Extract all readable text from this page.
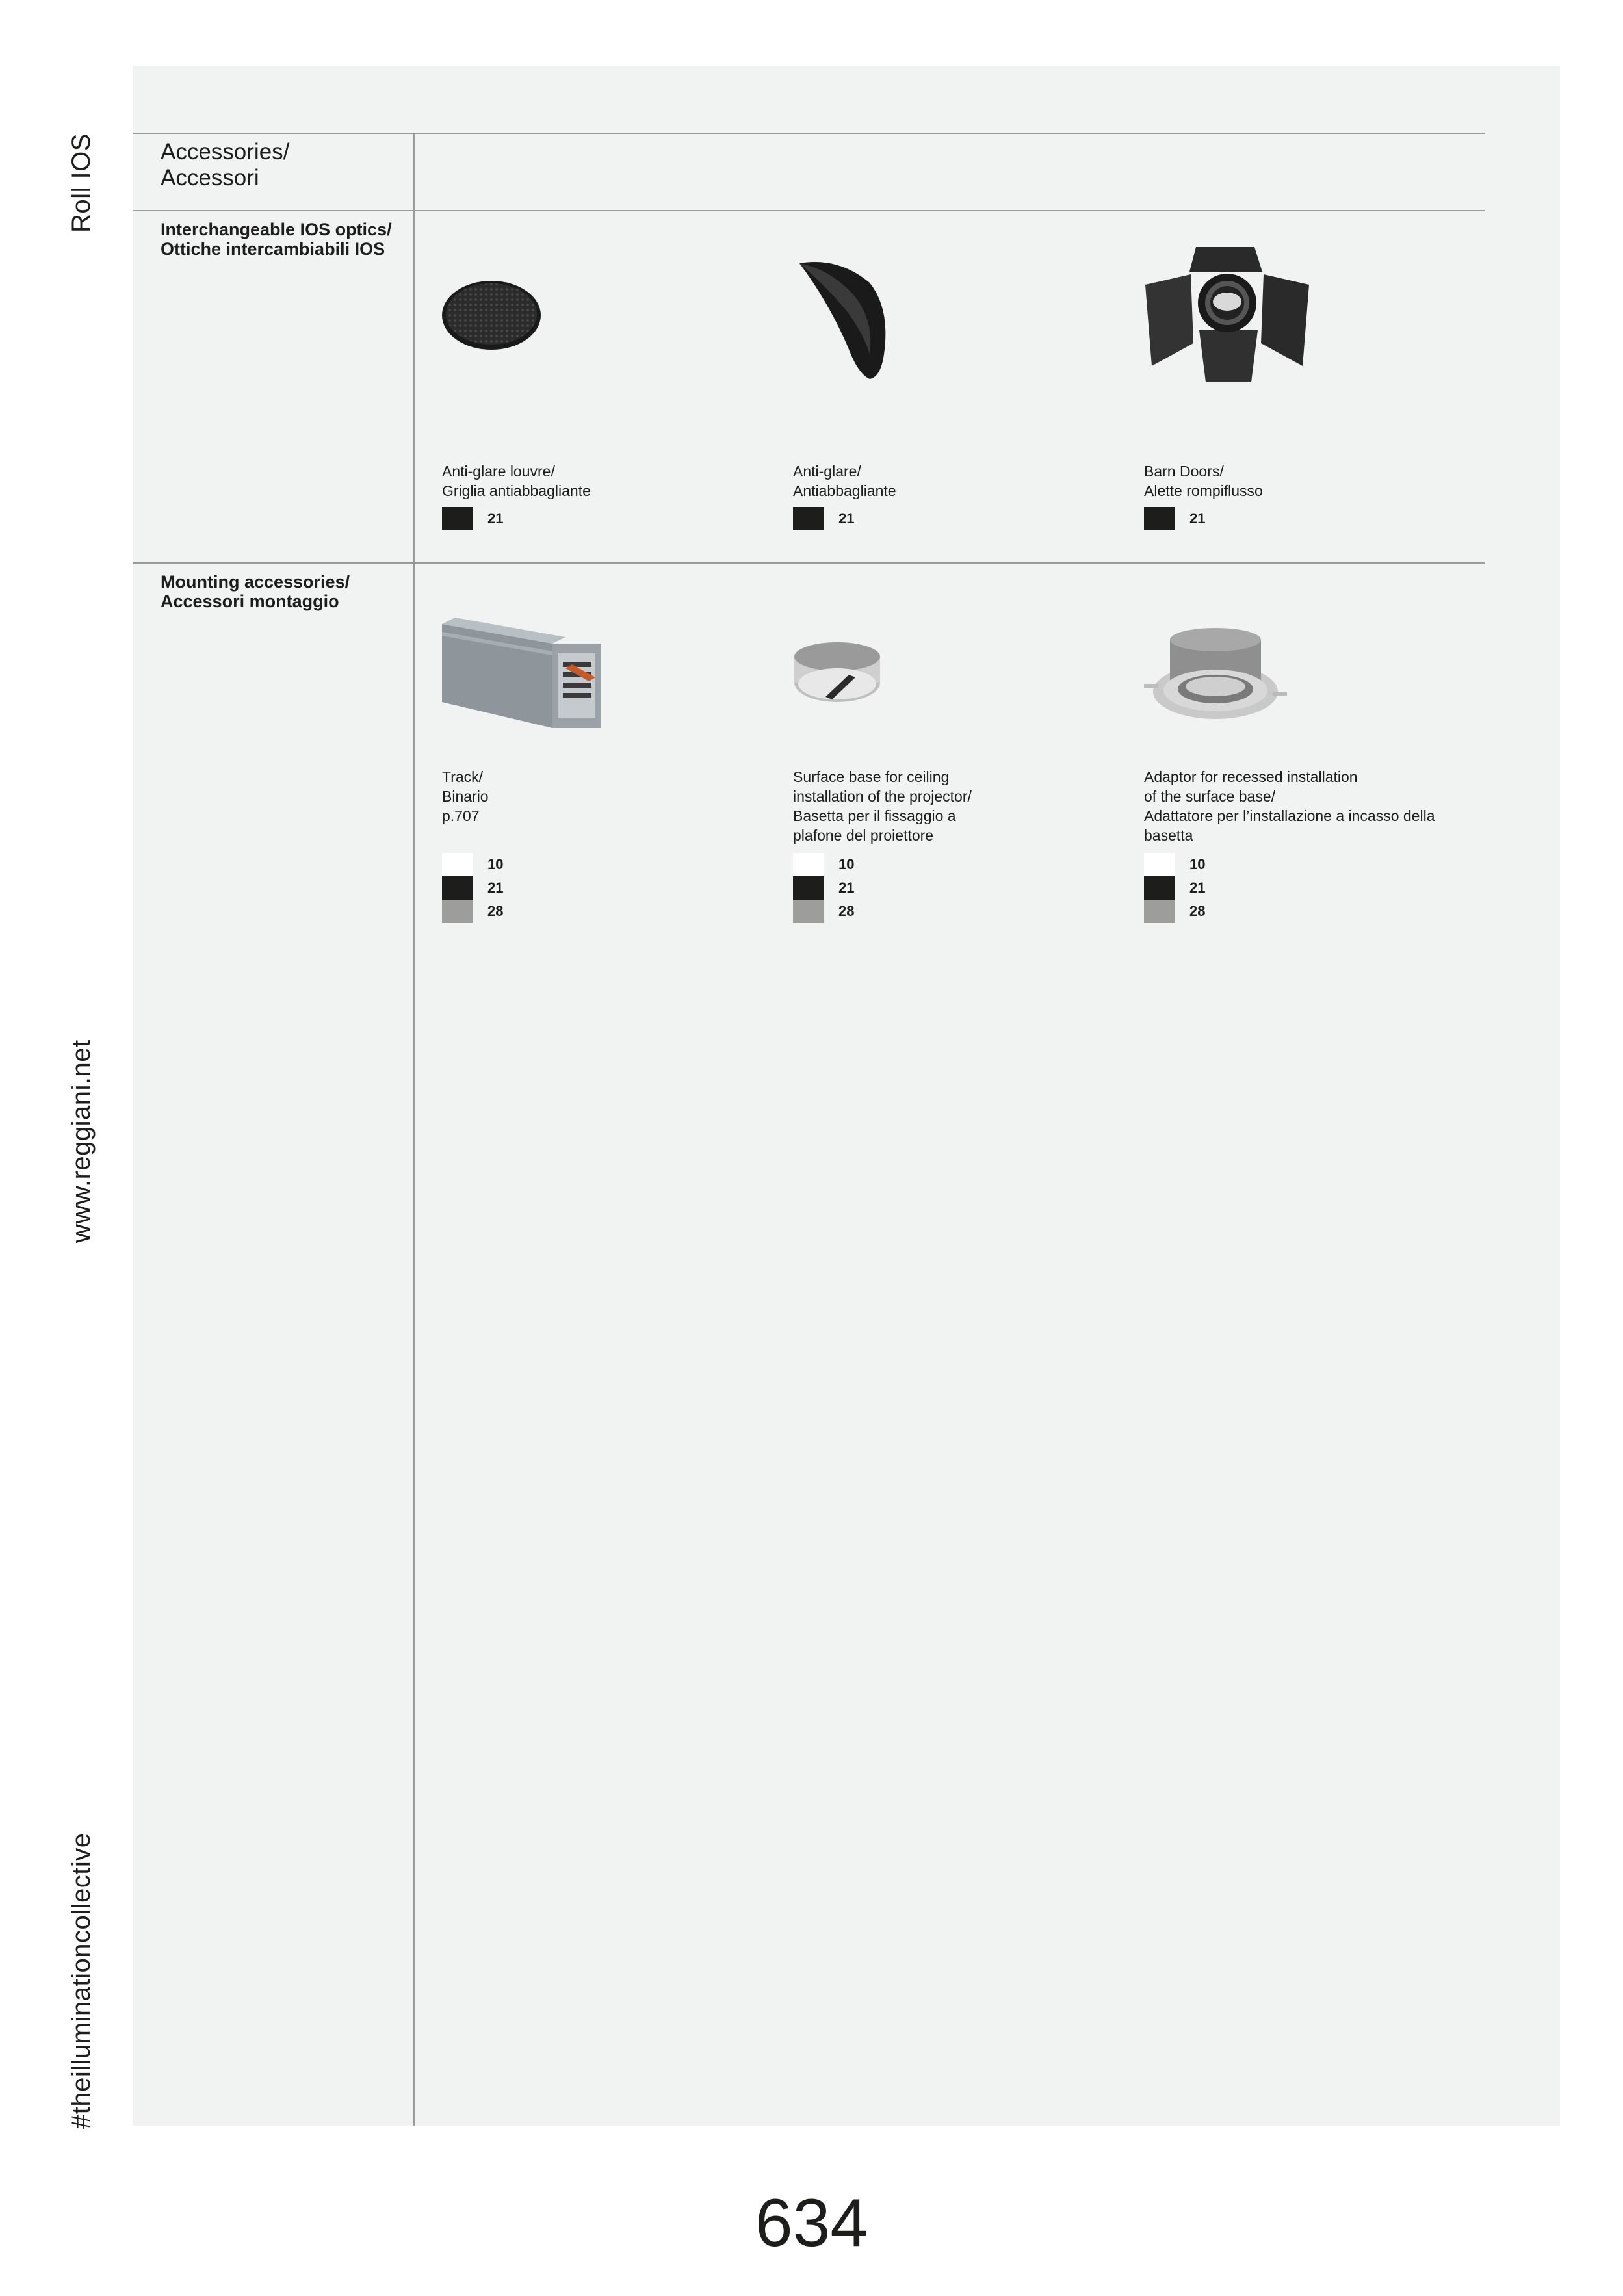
Roll IOS
www.reggiani.net
#theilluminationcollective
Accessories/
Accessori
Interchangeable IOS optics/
Ottiche intercambiabili IOS
Mounting accessories/
Accessori montaggio
Anti-glare louvre/
Griglia antiabbagliante
21
Anti-glare/
Antiabbagliante
21
Barn Doors/
Alette rompiflusso
21
Track/
Binario
p.707
10
21
28
Surface base for ceiling
installation of the projector/
Basetta per il fissaggio a
plafone del proiettore
10
21
28
Adaptor for recessed installation
of the surface base/
Adattatore per l’installazione a incasso della
basetta
10
21
28
634
